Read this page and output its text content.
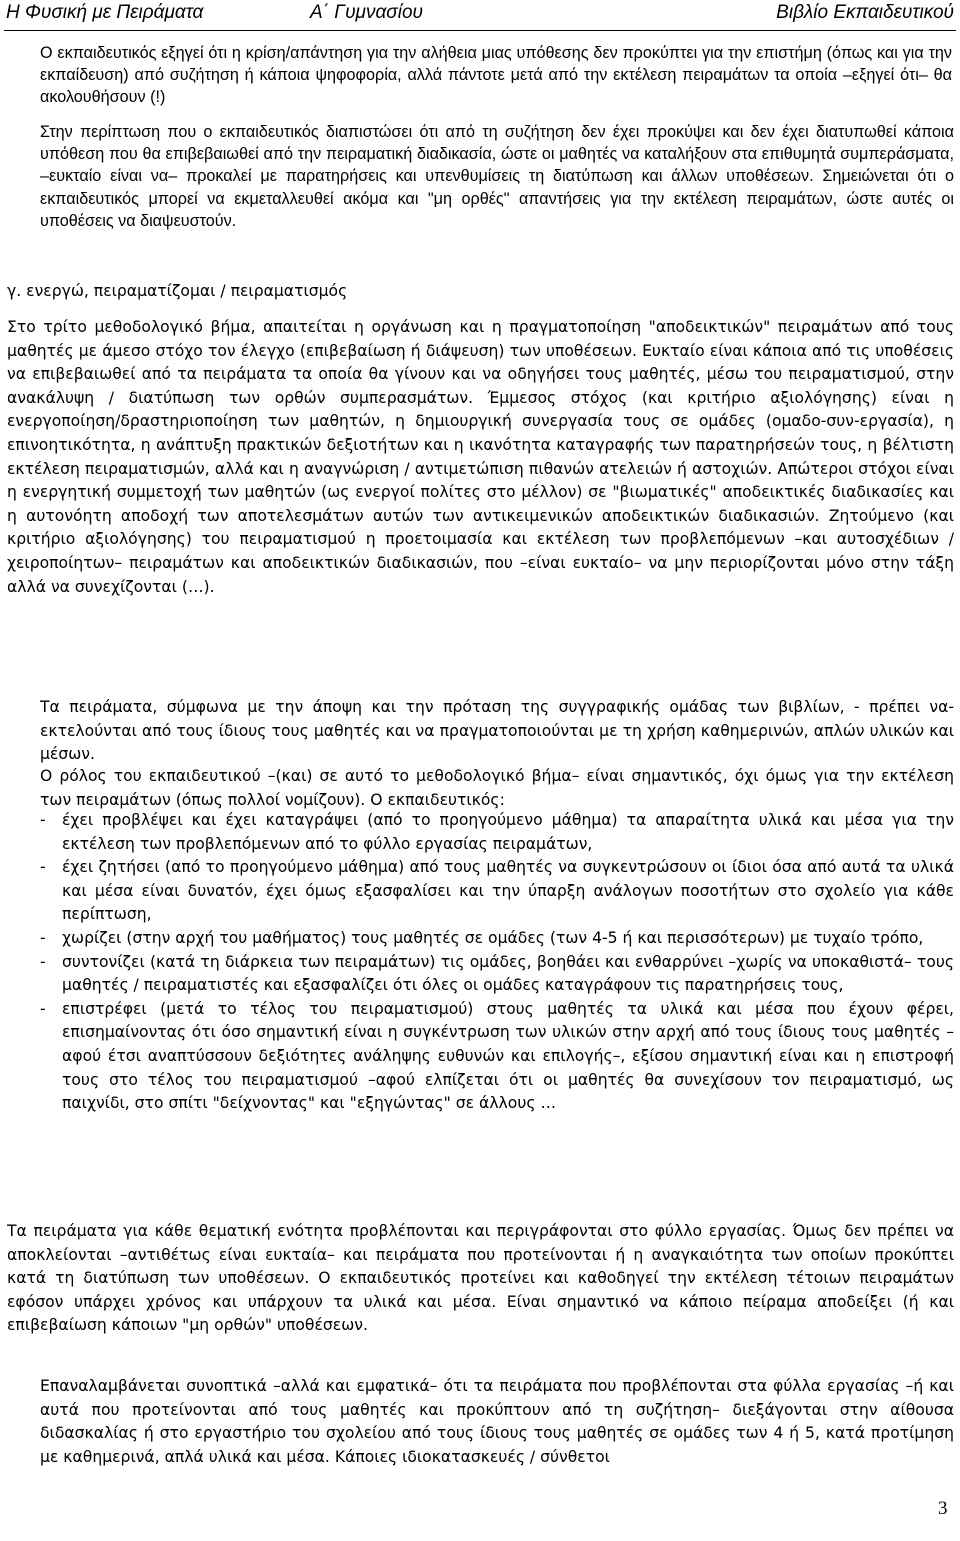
Η Φυσική με Πειράματα	Α΄ Γυμνασίου	Βιβλίο Εκπαιδευτικού

Ο εκπαιδευτικός εξηγεί ότι η κρίση/απάντηση για την αλήθεια μιας υπόθεσης δεν προκύπτει για την επιστήμη (όπως και για την εκπαίδευση) από συζήτηση ή κάποια ψηφοφορία, αλλά πάντοτε μετά από την εκτέλεση πειραμάτων τα οποία –εξηγεί ότι– θα ακολουθήσουν (!)

Στην περίπτωση που ο εκπαιδευτικός διαπιστώσει ότι από τη συζήτηση δεν έχει προκύψει και δεν έχει διατυπωθεί κάποια υπόθεση που θα επιβεβαιωθεί από την πειραματική διαδικασία, ώστε οι μαθητές να καταλήξουν στα επιθυμητά συμπεράσματα, –ευκταίο είναι να– προκαλεί με παρατηρήσεις και υπενθυμίσεις τη διατύπωση και άλλων υποθέσεων. Σημειώνεται ότι ο εκπαιδευτικός μπορεί να εκμεταλλευθεί ακόμα και "μη ορθές" απαντήσεις για την εκτέλεση πειραμάτων, ώστε αυτές οι υποθέσεις να διαψευστούν.

γ. ενεργώ, πειραματίζομαι / πειραματισμός

Στο τρίτο μεθοδολογικό βήμα, απαιτείται η οργάνωση και η πραγματοποίηση "αποδεικτικών" πειραμάτων από τους μαθητές με άμεσο στόχο τον έλεγχο (επιβεβαίωση ή διάψευση) των υποθέσεων. Ευκταίο είναι κάποια από τις υποθέσεις να επιβεβαιωθεί από τα πειράματα τα οποία θα γίνουν και να οδηγήσει τους μαθητές, μέσω του πειραματισμού, στην ανακάλυψη / διατύπωση των ορθών συμπερασμάτων. Έμμεσος στόχος (και κριτήριο αξιολόγησης) είναι η ενεργοποίηση/δραστηριοποίηση των μαθητών, η δημιουργική συνεργασία τους σε ομάδες (ομαδο-συν-εργασία), η επινοητικότητα, η ανάπτυξη πρακτικών δεξιοτήτων και η ικανότητα καταγραφής των παρατηρήσεών τους, η βέλτιστη εκτέλεση πειραματισμών, αλλά και η αναγνώριση / αντιμετώπιση πιθανών ατελειών ή αστοχιών. Απώτεροι στόχοι είναι η ενεργητική συμμετοχή των μαθητών (ως ενεργοί πολίτες στο μέλλον) σε "βιωματικές" αποδεικτικές διαδικασίες και η αυτονόητη αποδοχή των αποτελεσμάτων αυτών των αντικειμενικών αποδεικτικών διαδικασιών. Ζητούμενο (και κριτήριο αξιολόγησης) του πειραματισμού η προετοιμασία και εκτέλεση των προβλεπόμενων –και αυτοσχέδιων / χειροποίητων– πειραμάτων και αποδεικτικών διαδικασιών, που –είναι ευκταίο– να μην περιορίζονται μόνο στην τάξη αλλά να συνεχίζονται (…).

Τα πειράματα, σύμφωνα με την άποψη και την πρόταση της συγγραφικής ομάδας των βιβλίων, - πρέπει να- εκτελούνται από τους ίδιους τους μαθητές και να πραγματοποιούνται με τη χρήση καθημερινών, απλών υλικών και μέσων.

Ο ρόλος του εκπαιδευτικού –(και) σε αυτό το μεθοδολογικό βήμα– είναι σημαντικός, όχι όμως για την εκτέλεση των πειραμάτων (όπως πολλοί νομίζουν). Ο εκπαιδευτικός:

-	έχει προβλέψει και έχει καταγράψει (από το προηγούμενο μάθημα) τα απαραίτητα υλικά και μέσα για την εκτέλεση των προβλεπόμενων από το φύλλο εργασίας πειραμάτων,
-	έχει ζητήσει (από το προηγούμενο μάθημα) από τους μαθητές να συγκεντρώσουν οι ίδιοι όσα από αυτά τα υλικά και μέσα είναι δυνατόν, έχει όμως εξασφαλίσει και την ύπαρξη ανάλογων ποσοτήτων στο σχολείο για κάθε περίπτωση,
-	χωρίζει (στην αρχή του μαθήματος) τους μαθητές σε ομάδες (των 4-5 ή και περισσότερων) με τυχαίο τρόπο,
-	συντονίζει (κατά τη διάρκεια των πειραμάτων) τις ομάδες, βοηθάει και ενθαρρύνει –χωρίς να υποκαθιστά– τους μαθητές / πειραματιστές και εξασφαλίζει ότι όλες οι ομάδες καταγράφουν τις παρατηρήσεις τους,
-	επιστρέφει (μετά το τέλος του πειραματισμού) στους μαθητές τα υλικά και μέσα που έχουν φέρει, επισημαίνοντας ότι όσο σημαντική είναι η συγκέντρωση των υλικών στην αρχή από τους ίδιους τους μαθητές –αφού έτσι αναπτύσσουν δεξιότητες ανάληψης ευθυνών και επιλογής–, εξίσου σημαντική είναι και η επιστροφή τους στο τέλος του πειραματισμού –αφού ελπίζεται ότι οι μαθητές θα συνεχίσουν τον πειραματισμό, ως παιχνίδι, στο σπίτι "δείχνοντας" και "εξηγώντας" σε άλλους …

Τα πειράματα για κάθε θεματική ενότητα προβλέπονται και περιγράφονται στο φύλλο εργασίας. Όμως δεν πρέπει να αποκλείονται –αντιθέτως είναι ευκταία– και πειράματα που προτείνονται ή η αναγκαιότητα των οποίων προκύπτει κατά τη διατύπωση των υποθέσεων. Ο εκπαιδευτικός προτείνει και καθοδηγεί την εκτέλεση τέτοιων πειραμάτων εφόσον υπάρχει χρόνος και υπάρχουν τα υλικά και μέσα. Είναι σημαντικό να κάποιο πείραμα αποδείξει (ή και επιβεβαίωση κάποιων "μη ορθών" υποθέσεων.

Επαναλαμβάνεται συνοπτικά –αλλά και εμφατικά– ότι τα πειράματα που προβλέπονται στα φύλλα εργασίας –ή και αυτά που προτείνονται από τους μαθητές και προκύπτουν από τη συζήτηση– διεξάγονται στην αίθουσα διδασκαλίας ή στο εργαστήριο του σχολείου από τους ίδιους τους μαθητές σε ομάδες των 4 ή 5, κατά προτίμηση με καθημερινά, απλά υλικά και μέσα. Κάποιες ιδιοκατασκευές / σύνθετοι

3
